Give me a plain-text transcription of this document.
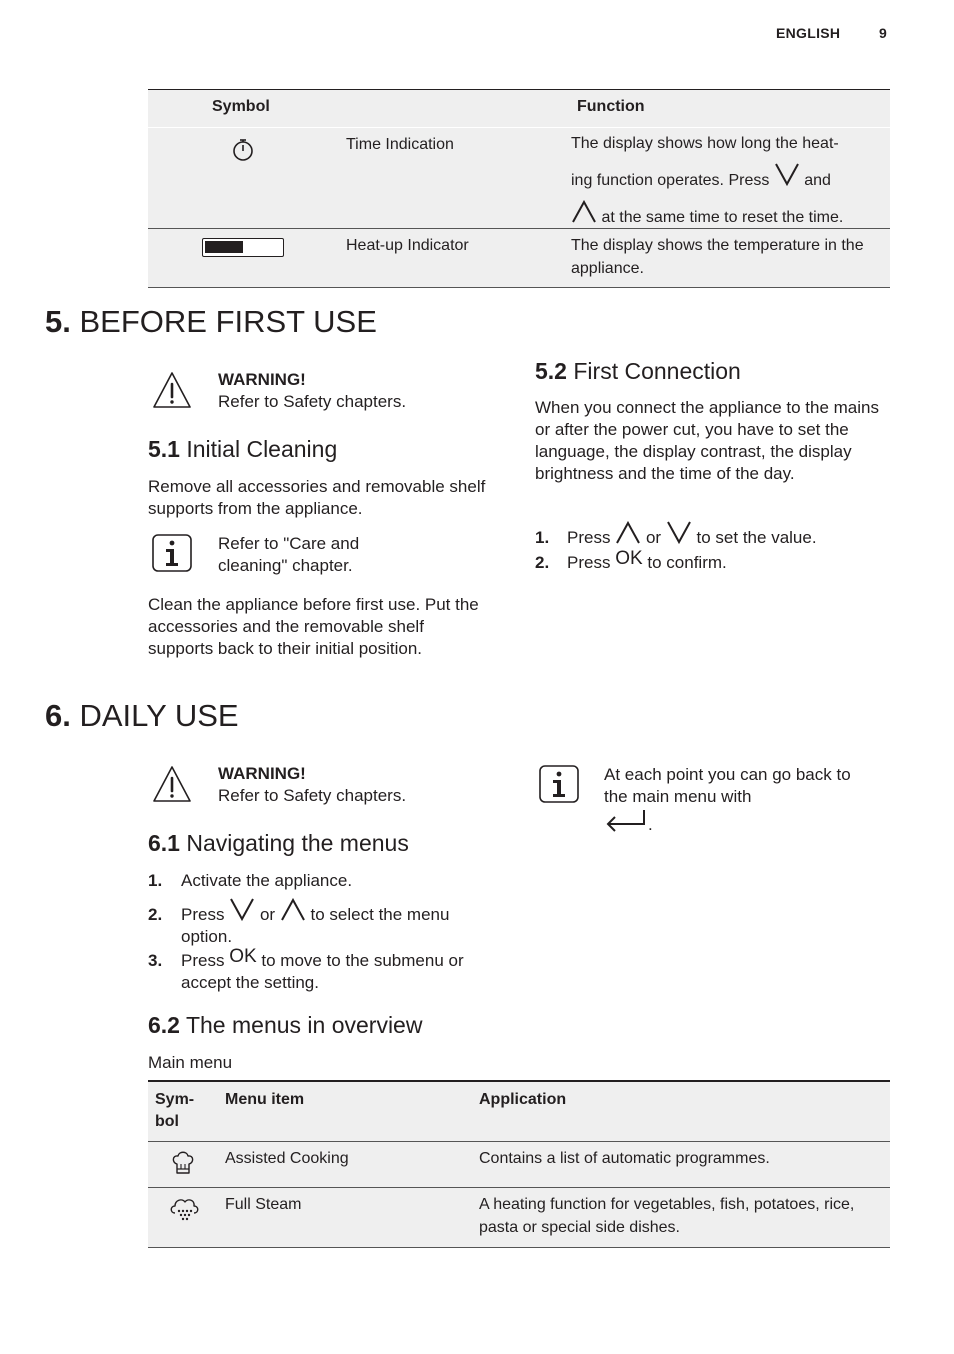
ENGLISH	9
Symbol	Function
Time Indication	The display shows how long the heat-
ing function operates. Press and
at the same time to reset the time.
Heat-up Indicator	The display shows the temperature in the appliance.
5. BEFORE FIRST USE
WARNING!
Refer to Safety chapters.
5.1 Initial Cleaning
Remove all accessories and removable shelf supports from the appliance.
Refer to "Care and cleaning" chapter.
Clean the appliance before first use. Put the accessories and the removable shelf supports back to their initial position.
5.2 First Connection
When you connect the appliance to the mains or after the power cut, you have to set the language, the display contrast, the display brightness and the time of the day.
1. Press or to set the value.
2. Press OK to confirm.
6. DAILY USE
WARNING!
Refer to Safety chapters.
At each point you can go back to the main menu with
.
6.1 Navigating the menus
1. Activate the appliance.
2. Press or to select the menu
option.
3. Press OK to move to the submenu or
accept the setting.
6.2 The menus in overview
Main menu
Sym-
bol
Menu item	Application
Assisted Cooking	Contains a list of automatic programmes.
Full Steam	A heating function for vegetables, fish, potatoes, rice, pasta or special side dishes.
